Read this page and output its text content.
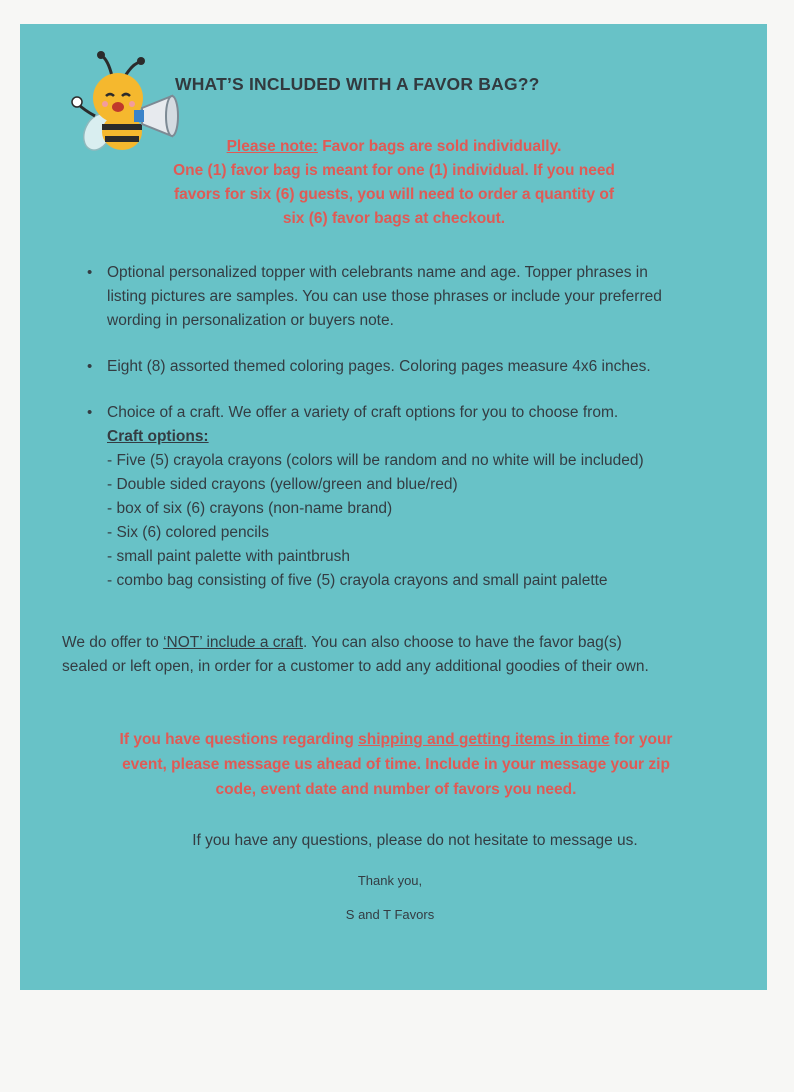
WHAT’S INCLUDED WITH A FAVOR BAG??
Please note: Favor bags are sold individually.
One (1) favor bag is meant for one (1) individual. If you need
favors for six (6) guests, you will need to order a quantity of
six (6) favor bags at checkout.
• Optional personalized topper with celebrants name and age. Topper phrases in
listing pictures are samples. You can use those phrases or include your preferred
wording in personalization or buyers note.
• Eight (8) assorted themed coloring pages. Coloring pages measure 4x6 inches.
• Choice of a craft. We offer a variety of craft options for you to choose from.
Craft options:
- Five (5) crayola crayons (colors will be random and no white will be included)
- Double sided crayons (yellow/green and blue/red)
- box of six (6) crayons (non-name brand)
- Six (6) colored pencils
- small paint palette with paintbrush
- combo bag consisting of five (5) crayola crayons and small paint palette
We do offer to ‘NOT’ include a craft. You can also choose to have the favor bag(s)
sealed or left open, in order for a customer to add any additional goodies of their own.
If you have questions regarding shipping and getting items in time for your
event, please message us ahead of time. Include in your message your zip
code, event date and number of favors you need.
If you have any questions, please do not hesitate to message us.
Thank you,
S and T Favors
